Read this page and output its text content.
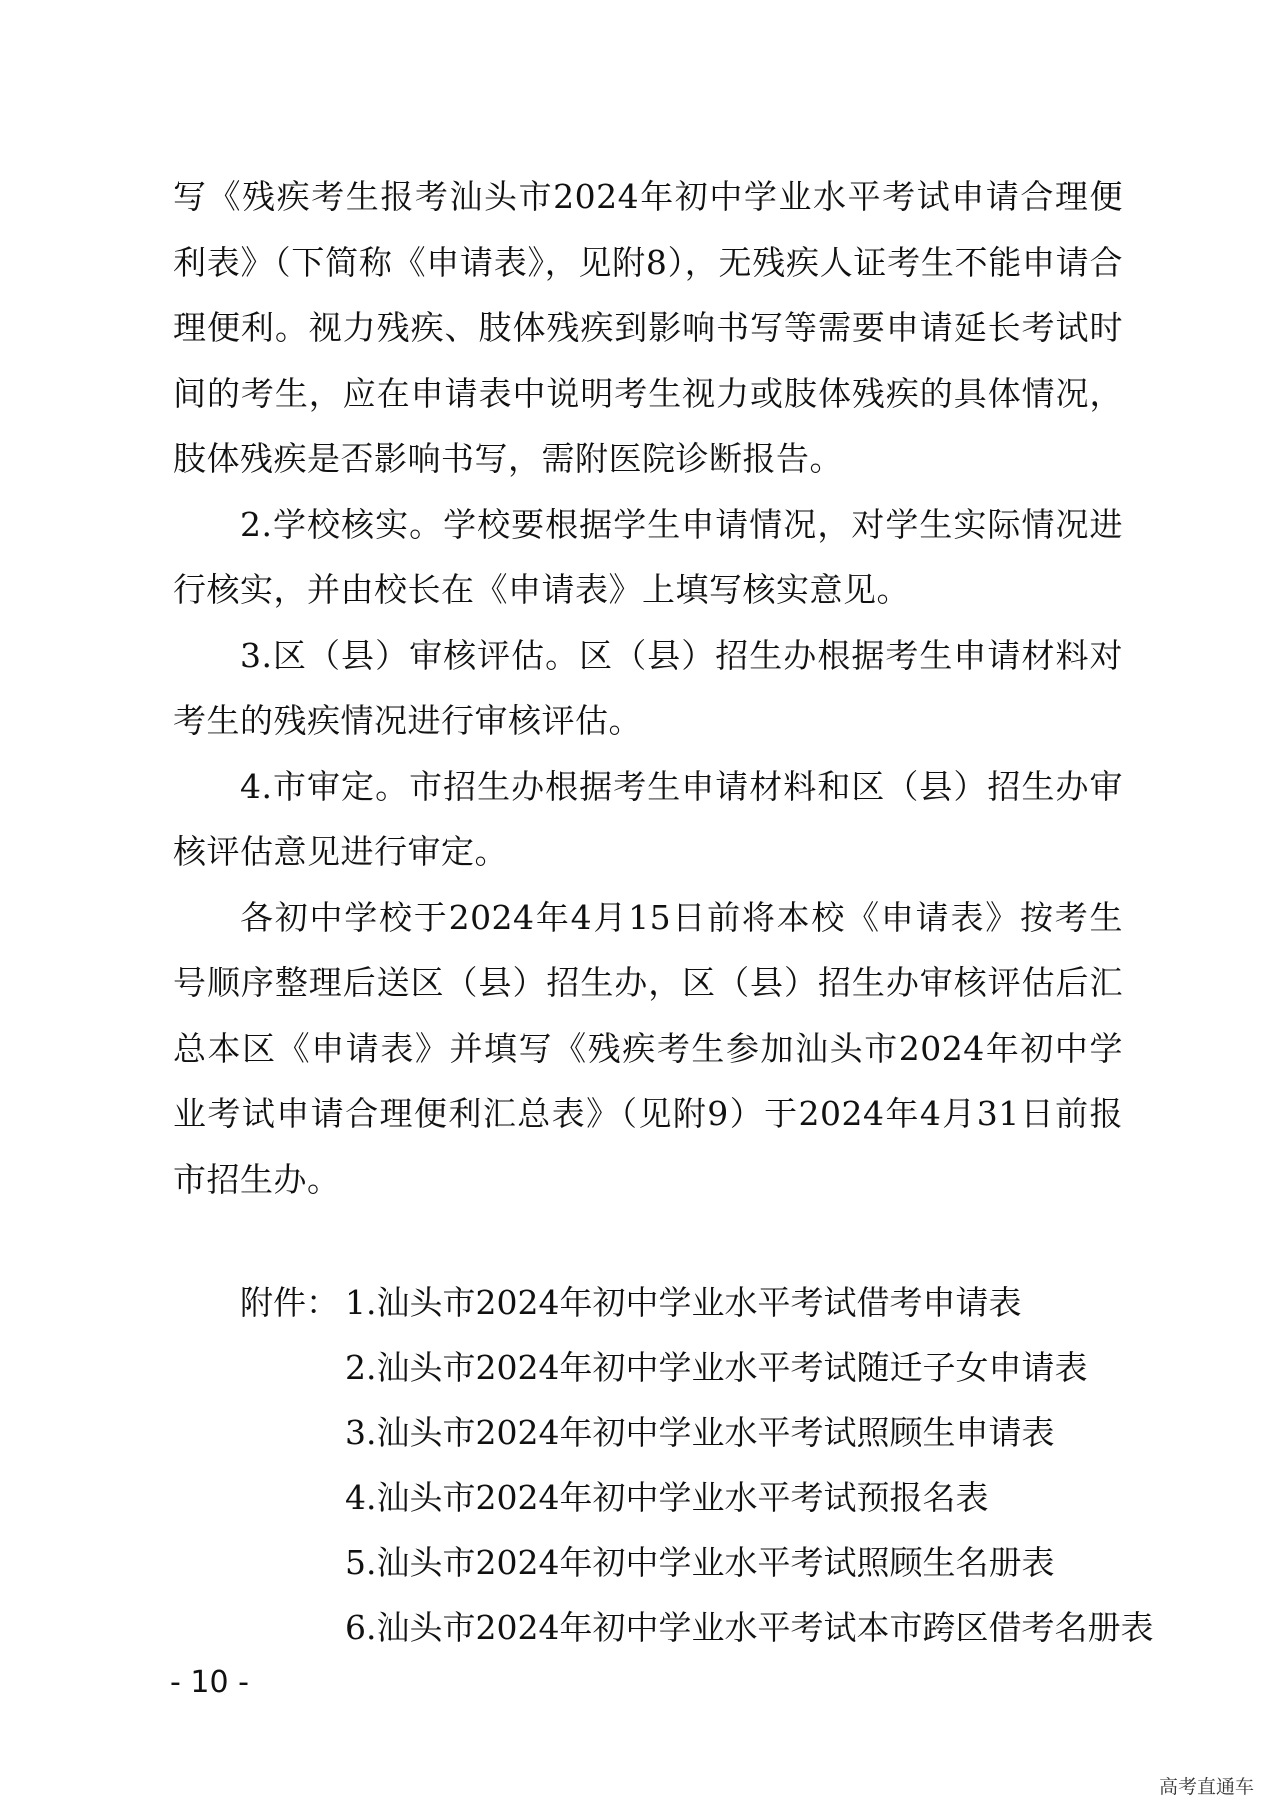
写《残疾考生报考汕头市2024年初中学业水平考试申请合理便利表》（下简称《申请表》，见附8），无残疾人证考生不能申请合理便利。视力残疾、肢体残疾到影响书写等需要申请延长考试时间的考生，应在申请表中说明考生视力或肢体残疾的具体情况，肢体残疾是否影响书写，需附医院诊断报告。

2.学校核实。学校要根据学生申请情况，对学生实际情况进行核实，并由校长在《申请表》上填写核实意见。

3.区（县）审核评估。区（县）招生办根据考生申请材料对考生的残疾情况进行审核评估。

4.市审定。市招生办根据考生申请材料和区（县）招生办审核评估意见进行审定。

各初中学校于2024年4月15日前将本校《申请表》按考生号顺序整理后送区（县）招生办，区（县）招生办审核评估后汇总本区《申请表》并填写《残疾考生参加汕头市2024年初中学业考试申请合理便利汇总表》（见附9）于2024年4月31日前报市招生办。

附件： 1.汕头市2024年初中学业水平考试借考申请表
2.汕头市2024年初中学业水平考试随迁子女申请表
3.汕头市2024年初中学业水平考试照顾生申请表
4.汕头市2024年初中学业水平考试预报名表
5.汕头市2024年初中学业水平考试照顾生名册表
6.汕头市2024年初中学业水平考试本市跨区借考名册表
- 10 -
高考直通车
